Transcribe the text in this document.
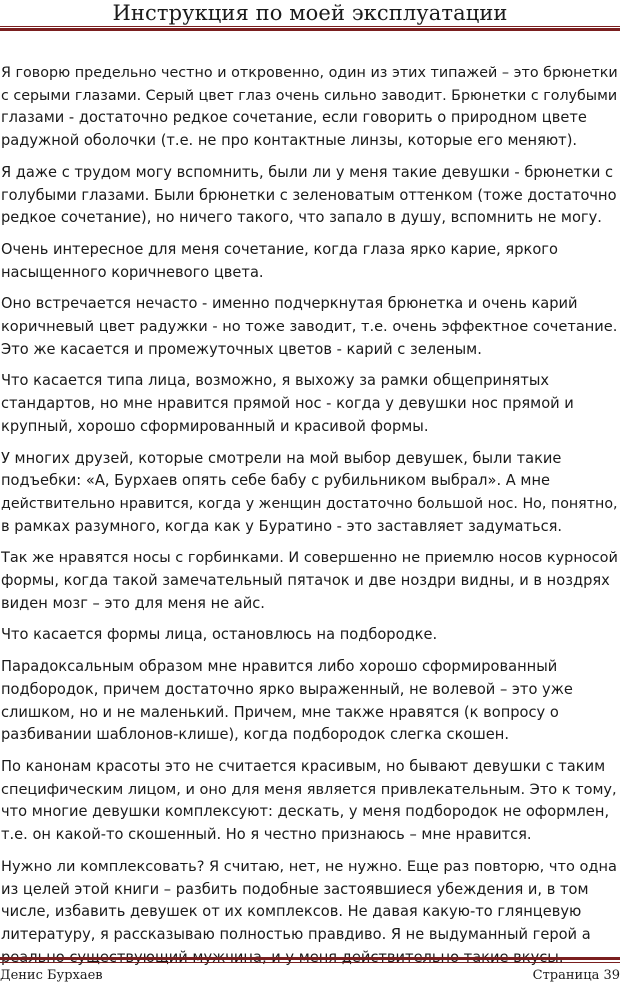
Инструкция по моей эксплуатации

Я говорю предельно честно и откровенно, один из этих типажей – это брюнетки
с серыми глазами. Серый цвет глаз очень сильно заводит. Брюнетки с голубыми
глазами - достаточно редкое сочетание, если говорить о природном цвете
радужной оболочки (т.е. не про контактные линзы, которые его меняют).

Я даже с трудом могу вспомнить, были ли у меня такие девушки - брюнетки с
голубыми глазами. Были брюнетки с зеленоватым оттенком (тоже достаточно
редкое сочетание), но ничего такого, что запало в душу, вспомнить не могу.

Очень интересное для меня сочетание, когда глаза ярко карие, яркого
насыщенного коричневого цвета.

Оно встречается нечасто - именно подчеркнутая брюнетка и очень карий
коричневый цвет радужки - но тоже заводит, т.е. очень эффектное сочетание.
Это же касается и промежуточных цветов - карий с зеленым.

Что касается типа лица, возможно, я выхожу за рамки общепринятых
стандартов, но мне нравится прямой нос - когда у девушки нос прямой и
крупный, хорошо сформированный и красивой формы.

У многих друзей, которые смотрели на мой выбор девушек, были такие
подъебки: «А, Бурхаев опять себе бабу с рубильником выбрал». А мне
действительно нравится, когда у женщин достаточно большой нос. Но, понятно,
в рамках разумного, когда как у Буратино - это заставляет задуматься.

Так же нравятся носы с горбинками. И совершенно не приемлю носов курносой
формы, когда такой замечательный пятачок и две ноздри видны, и в ноздрях
виден мозг – это для меня не айс.

Что касается формы лица, остановлюсь на подбородке.

Парадоксальным образом мне нравится либо хорошо сформированный
подбородок, причем достаточно ярко выраженный, не волевой – это уже
слишком, но и не маленький. Причем, мне также нравятся (к вопросу о
разбивании шаблонов-клише), когда подбородок слегка скошен.

По канонам красоты это не считается красивым, но бывают девушки с таким
специфическим лицом, и оно для меня является привлекательным. Это к тому,
что многие девушки комплексуют: дескать, у меня подбородок не оформлен,
т.е. он какой-то скошенный. Но я честно признаюсь – мне нравится.

Нужно ли комплексовать? Я считаю, нет, не нужно. Еще раз повторю, что одна
из целей этой книги – разбить подобные застоявшиеся убеждения и, в том
числе, избавить девушек от их комплексов. Не давая какую-то глянцевую
литературу, я рассказываю полностью правдиво. Я не выдуманный герой а

Денис Бурхаев	Страница 39
